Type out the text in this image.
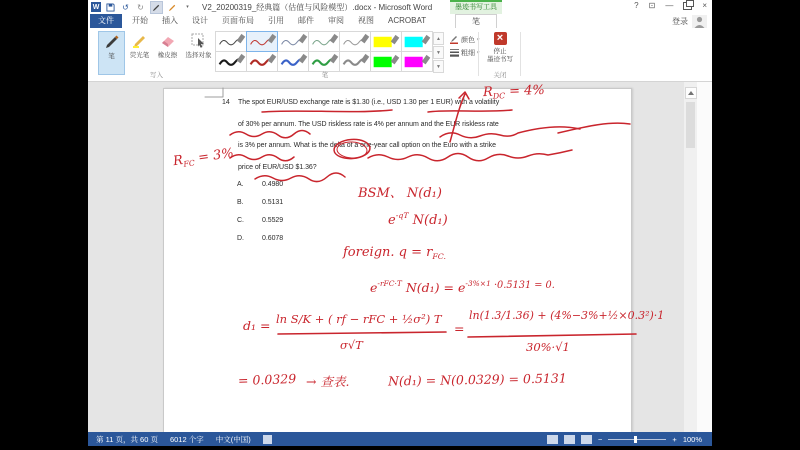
W	↺ ↻	▾	V2_20200319_经典篇（估值与风险模型）.docx - Microsoft Word	墨迹书写工具	? ⊡ —	×
文件	开始	插入	设计	页面布局	引用	邮件	审阅	视图	ACROBAT	笔	登录
笔	荧光笔	橡皮擦	选择对象
写入
▲
▼
▼
笔
颜色
粗细
×
停止
墨迹书写
关闭
14 The spot EUR/USD exchange rate is $1.30 (i.e., USD 1.30 per 1 EUR) with a volatility
of 30% per annum. The USD riskless rate is 4% per annum and the EUR riskless rate
is 3% per annum. What is the delta of a one-year call option on the Euro with a strike
price of EUR/USD $1.36?
A.	0.4980
B.	0.5131
C.	0.5529
D.	0.6078
$R_{DC} = 4\%$
$R_{FC} = 3\%$
BSM、 N(d₁)
$e^{-qT}$ N(d₁)
foreign. $q = r_{FC.}$
$e^{-rFC\cdot T}$ $N(d_1) = e^{-3\%\times 1}$ $^{\cdot 0.5131 = 0.}$
d₁ = ln S/K + ( rf − rFC + ½σ²) T
σ√T
=
ln(1.3/1.36) + (4%−3%+½×0.3²)·1
30%·√1
= 0.0329 → 查表.	N(d₁) = N(0.0329) = 0.5131
第 11 页，共 60 页 6012 个字 中文(中国)	−	+ 100%
